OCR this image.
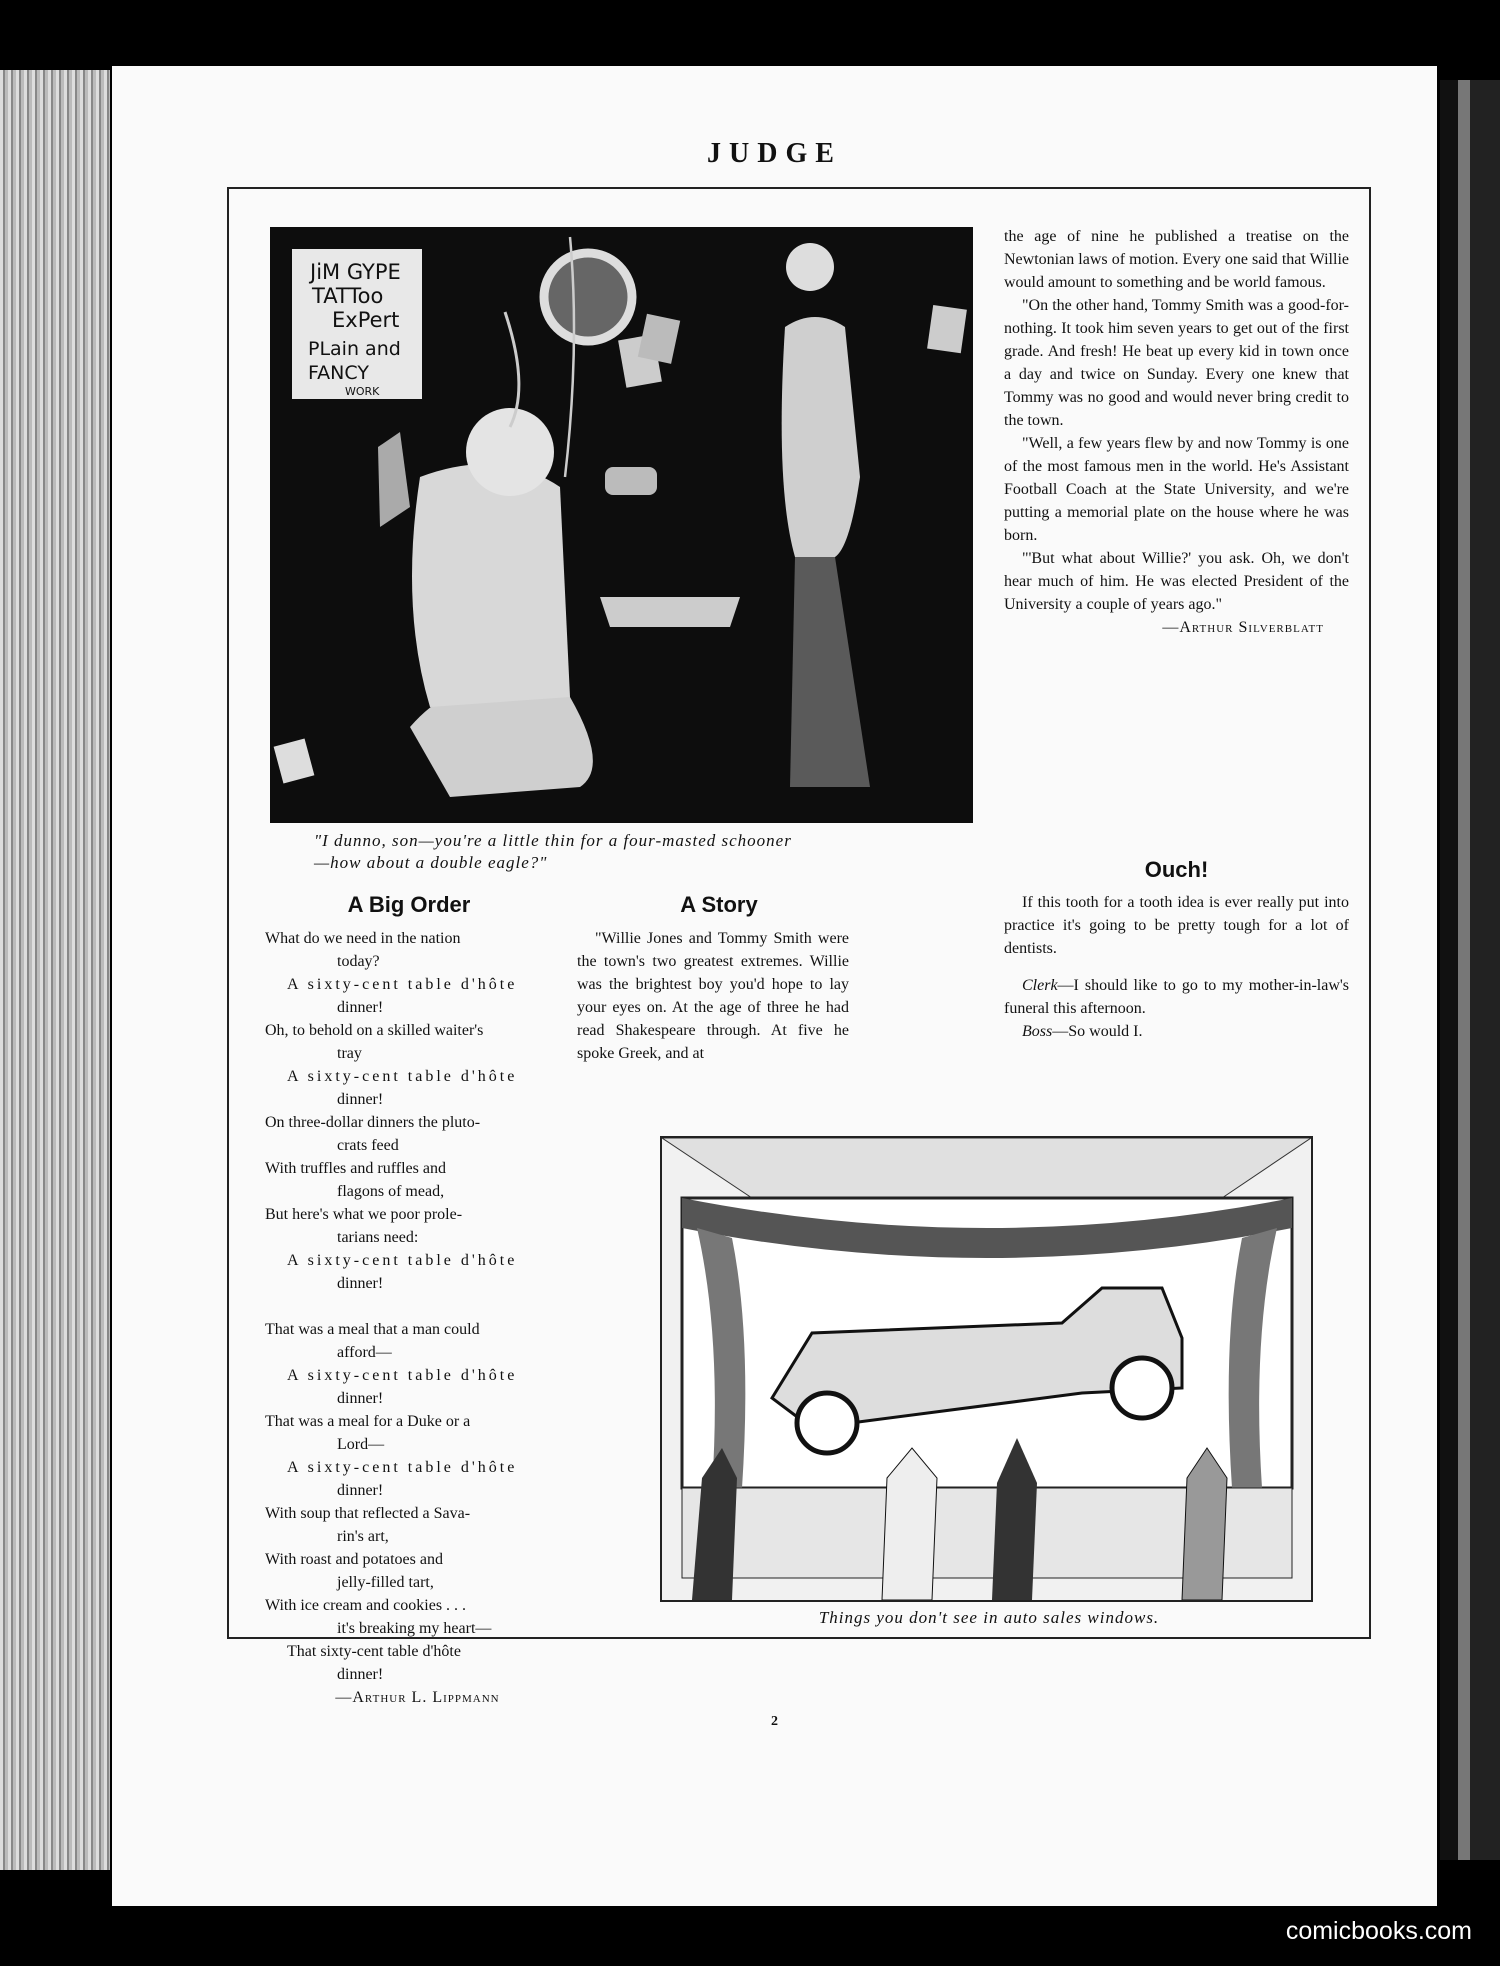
JUDGE
JiM GYPE
TATToo
ExPert
PLain and
FANCY
WORK
"I dunno, son—you're a little thin for a four-masted schooner
—how about a double eagle?"

the age of nine he published a treatise on the Newtonian laws of motion. Every one said that Willie would amount to something and be world famous.

"On the other hand, Tommy Smith was a good-for-nothing. It took him seven years to get out of the first grade. And fresh! He beat up every kid in town once a day and twice on Sunday. Every one knew that Tommy was no good and would never bring credit to the town.

"Well, a few years flew by and now Tommy is one of the most famous men in the world. He's Assistant Football Coach at the State University, and we're putting a memorial plate on the house where he was born.

"'But what about Willie?' you ask. Oh, we don't hear much of him. He was elected President of the University a couple of years ago."

—Arthur Silverblatt
Ouch!

If this tooth for a tooth idea is ever really put into practice it's going to be pretty tough for a lot of dentists.

Clerk—I should like to go to my mother-in-law's funeral this afternoon.

Boss—So would I.

A Big Order
What do we need in the nation
today?
A sixty-cent table d'hôte
dinner!
Oh, to behold on a skilled waiter's
tray
A sixty-cent table d'hôte
dinner!
On three-dollar dinners the pluto-
crats feed
With truffles and ruffles and
flagons of mead,
But here's what we poor prole-
tarians need:
A sixty-cent table d'hôte
dinner!
That was a meal that a man could
afford—
A sixty-cent table d'hôte
dinner!
That was a meal for a Duke or a
Lord—
A sixty-cent table d'hôte
dinner!
With soup that reflected a Sava-
rin's art,
With roast and potatoes and
jelly-filled tart,
With ice cream and cookies . . .
it's breaking my heart—
That sixty-cent table d'hôte
dinner!
—Arthur L. Lippmann
A Story

"Willie Jones and Tommy Smith were the town's two greatest extremes. Willie was the brightest boy you'd hope to lay your eyes on. At the age of three he had read Shakespeare through. At five he spoke Greek, and at

Things you don't see in auto sales windows.
2
comicbooks.com
